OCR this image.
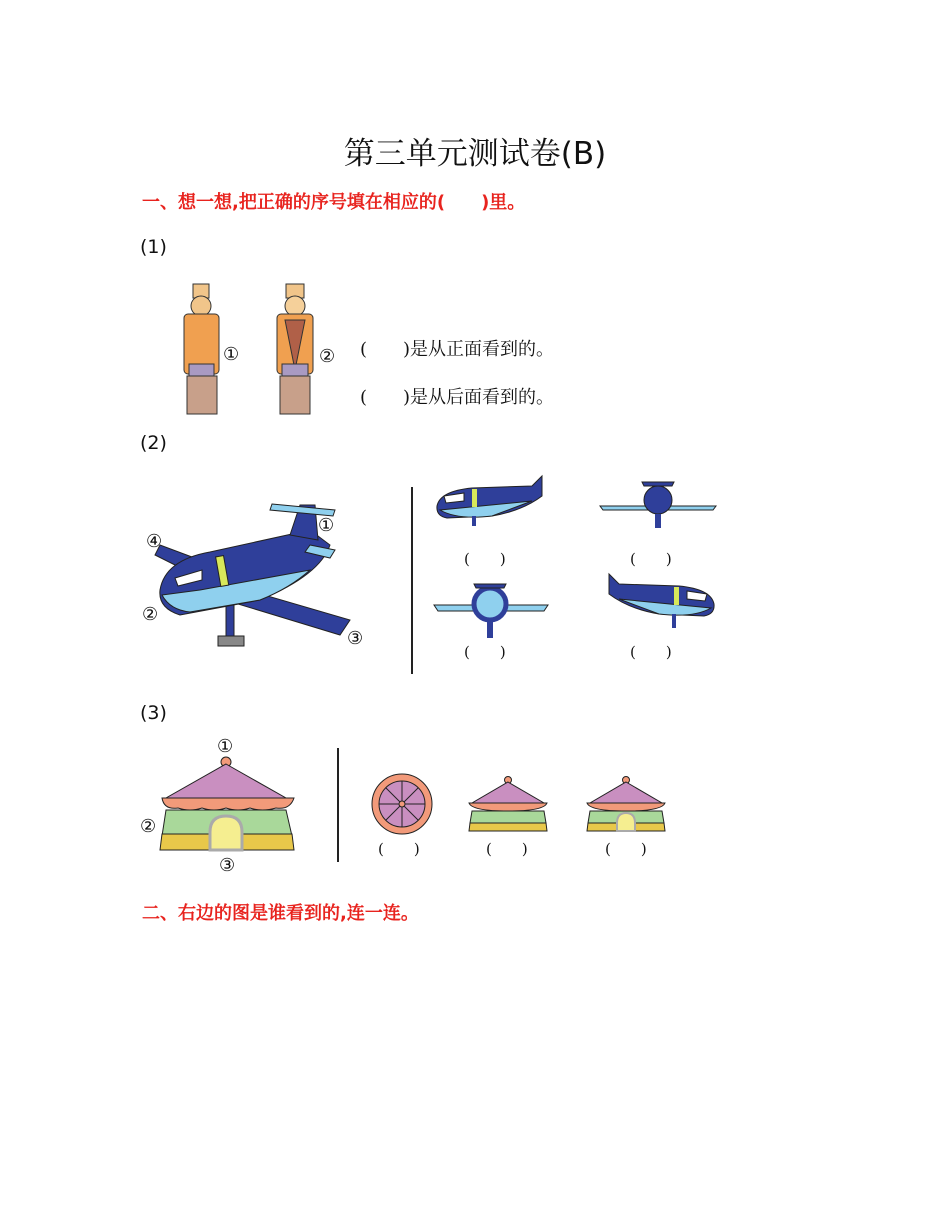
第三单元测试卷(B)
一、想一想,把正确的序号填在相应的(　　)里。
(1)
①	② (　　)是从正面看到的。
(　　)是从后面看到的。
(2)
①
②
③
④
(　　)	(　　)
(　　)	(　　)
(3)
①
②
③
(　　)	(　　)	(　　)
二、右边的图是谁看到的,连一连。
